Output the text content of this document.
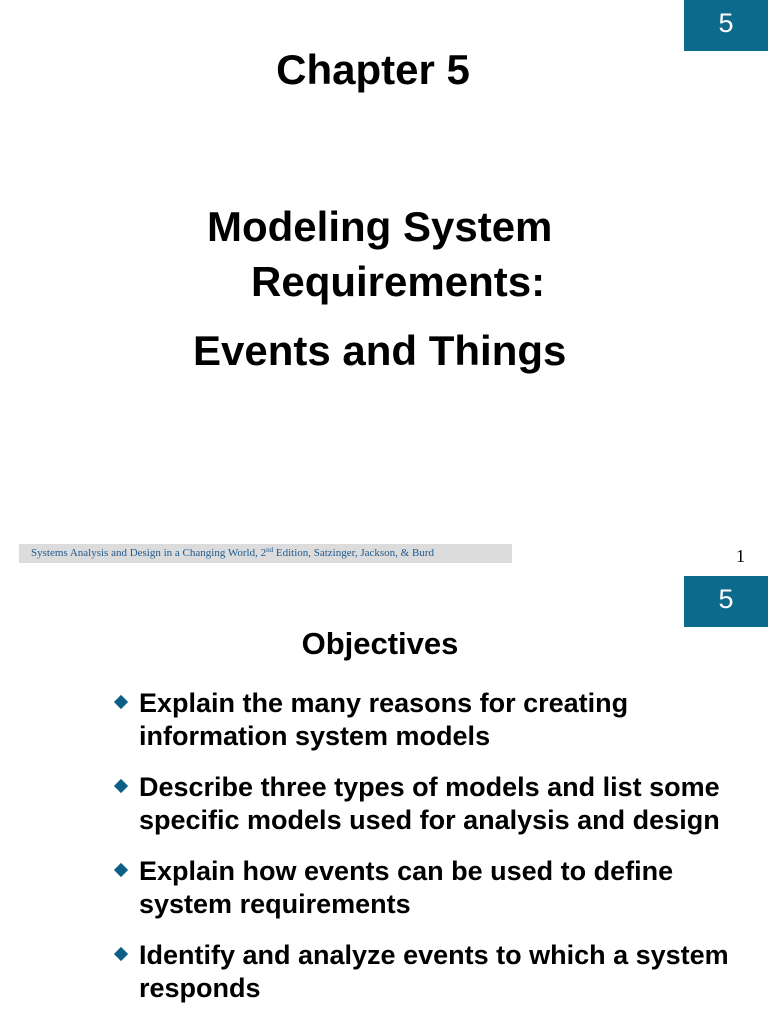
5
Chapter 5
Modeling System
Requirements:
Events and Things
Systems Analysis and Design in a Changing World, 2nd Edition, Satzinger, Jackson, & Burd	1
5
Objectives
Explain the many reasons for creating information system models
Describe three types of models and list some specific models used for analysis and design
Explain how events can be used to define system requirements
Identify and analyze events to which a system responds
